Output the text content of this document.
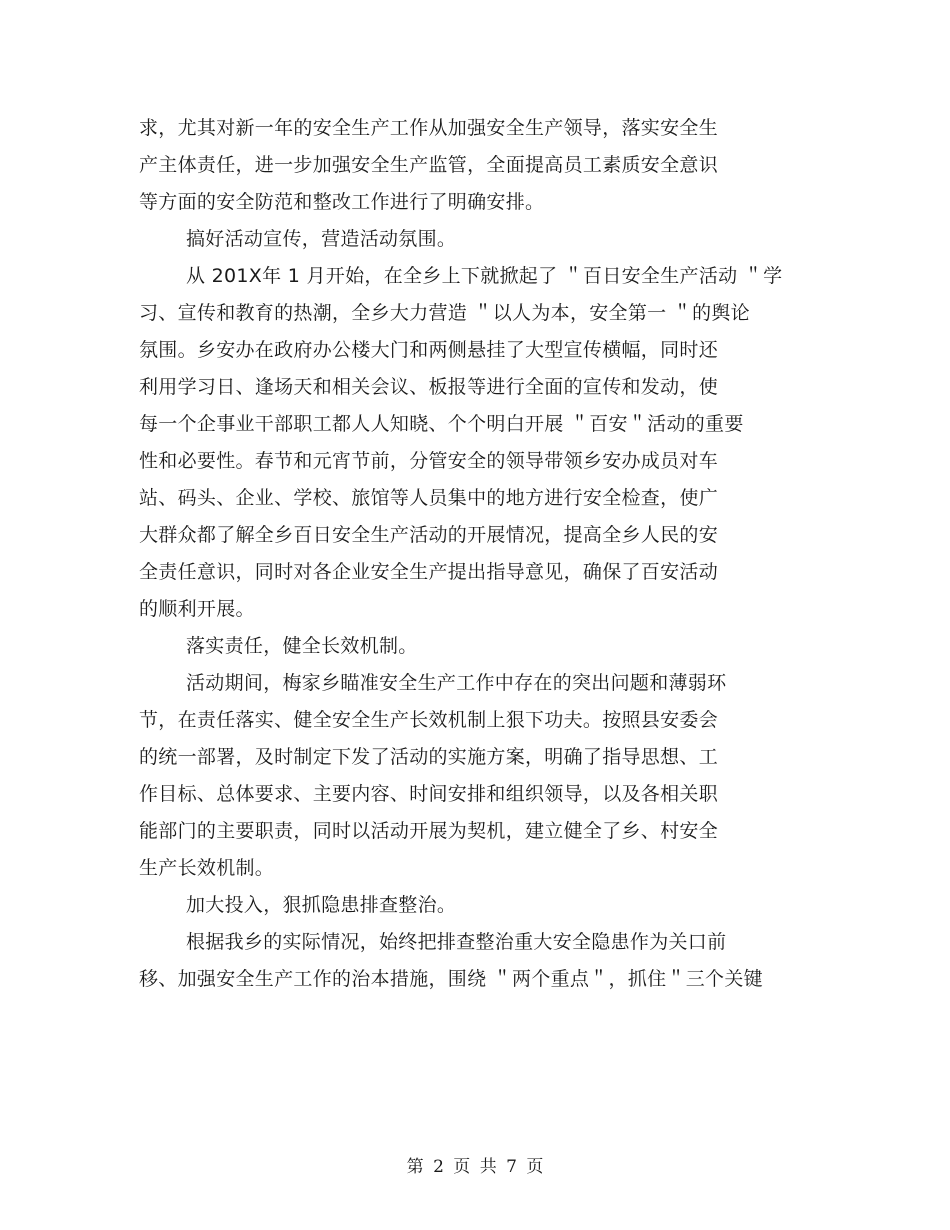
求，尤其对新一年的安全生产工作从加强安全生产领导，落实安全生
产主体责任，进一步加强安全生产监管，全面提高员工素质安全意识
等方面的安全防范和整改工作进行了明确安排。
搞好活动宣传，营造活动氛围。
从 201X年 1 月开始，在全乡上下就掀起了 ＂百日安全生产活动 ＂学
习、宣传和教育的热潮，全乡大力营造 ＂以人为本，安全第一 ＂的舆论
氛围。乡安办在政府办公楼大门和两侧悬挂了大型宣传横幅，同时还
利用学习日、逢场天和相关会议、板报等进行全面的宣传和发动，使
每一个企事业干部职工都人人知晓、个个明白开展 ＂百安＂活动的重要
性和必要性。春节和元宵节前，分管安全的领导带领乡安办成员对车
站、码头、企业、学校、旅馆等人员集中的地方进行安全检查，使广
大群众都了解全乡百日安全生产活动的开展情况，提高全乡人民的安
全责任意识，同时对各企业安全生产提出指导意见，确保了百安活动
的顺利开展。
落实责任，健全长效机制。
活动期间，梅家乡瞄准安全生产工作中存在的突出问题和薄弱环
节，在责任落实、健全安全生产长效机制上狠下功夫。按照县安委会
的统一部署，及时制定下发了活动的实施方案，明确了指导思想、工
作目标、总体要求、主要内容、时间安排和组织领导，以及各相关职
能部门的主要职责，同时以活动开展为契机，建立健全了乡、村安全
生产长效机制。
加大投入，狠抓隐患排查整治。
根据我乡的实际情况，始终把排查整治重大安全隐患作为关口前
移、加强安全生产工作的治本措施，围绕 ＂两个重点＂，抓住＂三个关键
第 2 页 共 7 页
